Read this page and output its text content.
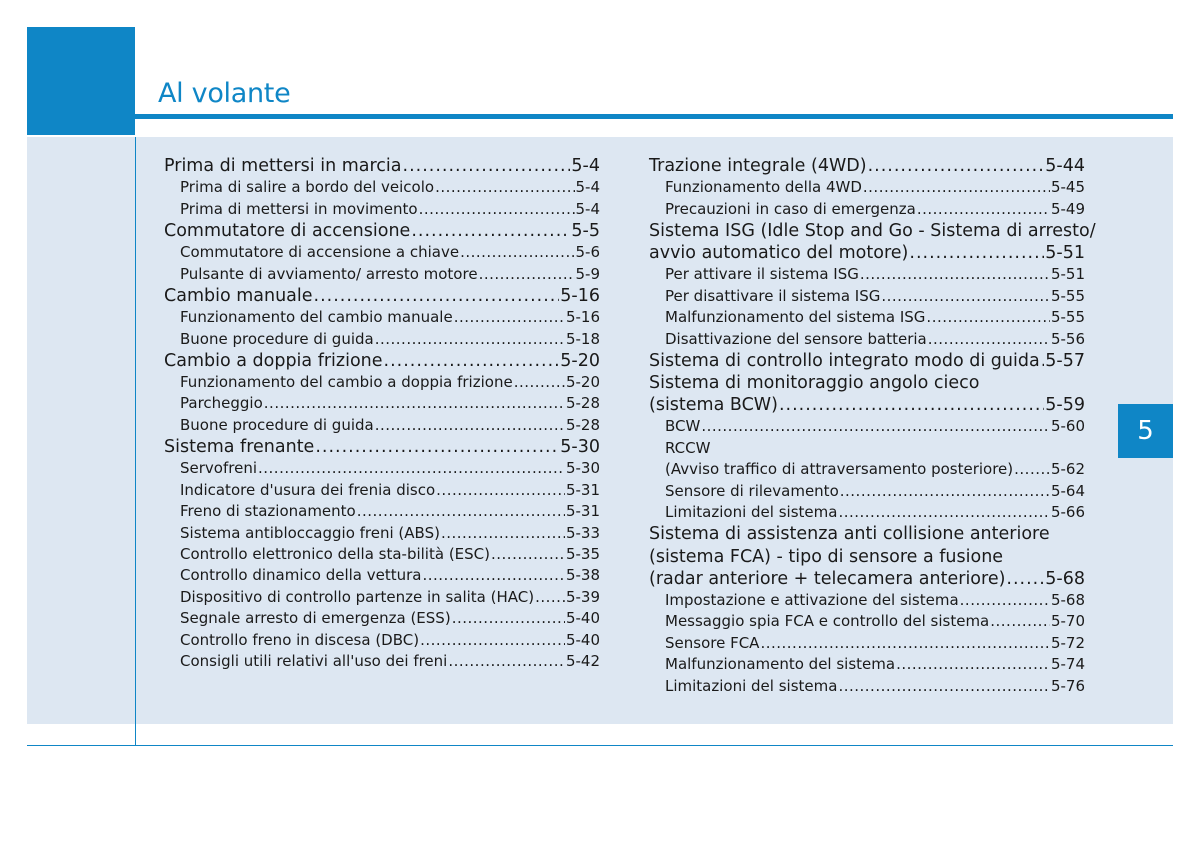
Al volante
5
Prima di mettersi in marcia .....	5-4
Prima di salire a bordo del veicolo .....	5-4
Prima di mettersi in movimento .....	5-4
Commutatore di accensione .....	5-5
Commutatore di accensione a chiave .....	5-6
Pulsante di avviamento/ arresto motore .....	5-9
Cambio manuale .....	5-16
Funzionamento del cambio manuale .....	5-16
Buone procedure di guida .....	5-18
Cambio a doppia frizione .....	5-20
Funzionamento del cambio a doppia frizione .....	5-20
Parcheggio .....	5-28
Buone procedure di guida .....	5-28
Sistema frenante .....	5-30
Servofreni .....	5-30
Indicatore d'usura dei frenia disco .....	5-31
Freno di stazionamento .....	5-31
Sistema antibloccaggio freni (ABS) .....	5-33
Controllo elettronico della sta-bilità (ESC) .....	5-35
Controllo dinamico della vettura .....	5-38
Dispositivo di controllo partenze in salita (HAC) ..... 5-39
Segnale arresto di emergenza (ESS) .....	5-40
Controllo freno in discesa (DBC) .....	5-40
Consigli utili relativi all'uso dei freni .....	5-42
Trazione integrale (4WD) .....	5-44
Funzionamento della 4WD .....	5-45
Precauzioni in caso di emergenza .....	5-49
Sistema ISG (Idle Stop and Go - Sistema di arresto/
avvio automatico del motore) .....	5-51
Per attivare il sistema ISG .....	5-51
Per disattivare il sistema ISG .....	5-55
Malfunzionamento del sistema ISG .....	5-55
Disattivazione del sensore batteria .....	5-56
Sistema di controllo integrato modo di guida ..... 5-57
Sistema di monitoraggio angolo cieco
(sistema BCW) .....	5-59
BCW .....	5-60
RCCW
(Avviso traffico di attraversamento posteriore) .....	5-62
Sensore di rilevamento .....	5-64
Limitazioni del sistema .....	5-66
Sistema di assistenza anti collisione anteriore
(sistema FCA) - tipo di sensore a fusione
(radar anteriore + telecamera anteriore) ..... 5-68
Impostazione e attivazione del sistema .....	5-68
Messaggio spia FCA e controllo del sistema .....	5-70
Sensore FCA .....	5-72
Malfunzionamento del sistema .....	5-74
Limitazioni del sistema .....	5-76
